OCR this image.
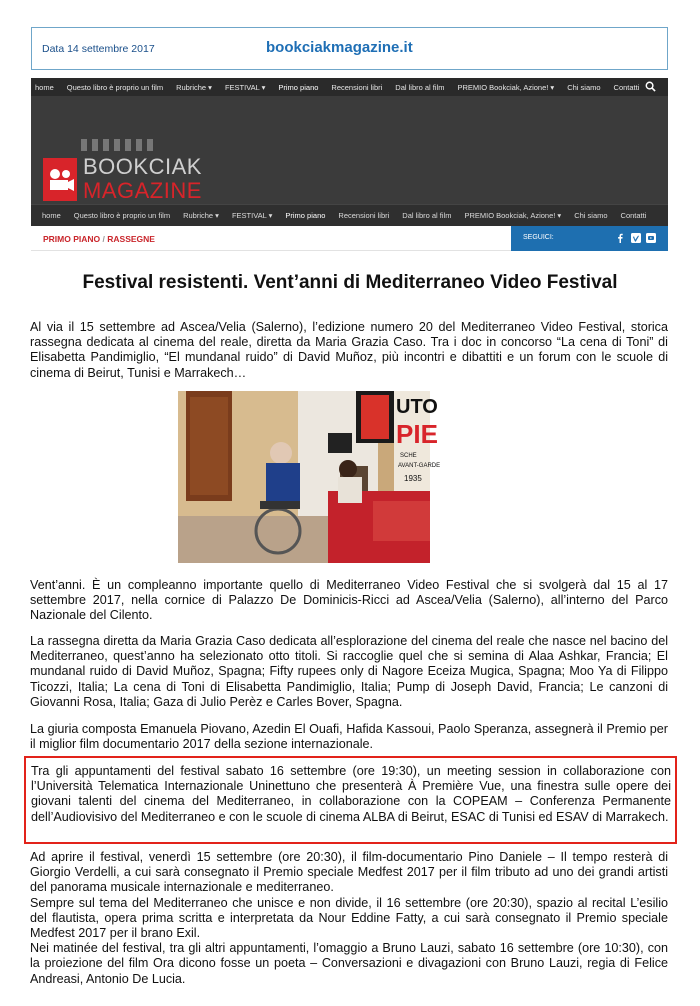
Data 14 settembre 2017	bookciakmagazine.it
home Questo libro è proprio un film Rubriche ▾ FESTIVAL ▾ Primo piano Recensioni libri Dal libro al film PREMIO Bookciak, Azione! ▾ Chi siamo Contatti
BOOKCIAK
MAGAZINE
home Questo libro è proprio un film Rubriche ▾ FESTIVAL ▾ Primo piano Recensioni libri Dal libro al film PREMIO Bookciak, Azione! ▾ Chi siamo Contatti
PRIMO PIANO / RASSEGNE	SEGUICI:
Festival resistenti. Vent’anni di Mediterraneo Video Festival

Al via il 15 settembre ad Ascea/Velia (Salerno), l’edizione numero 20 del Mediterraneo Video Festival, storica rassegna dedicata al cinema del reale, diretta da Maria Grazia Caso. Tra i doc in concorso “La cena di Toni” di Elisabetta Pandimiglio, “El mundanal ruido” di David Muñoz, più incontri e dibattiti e un forum con le scuole di cinema di Beirut, Tunisi e Marrakech…

UTO
PIE
SCHE
AVANT-GARDE
1935

Vent’anni. È un compleanno importante quello di Mediterraneo Video Festival che si svolgerà dal 15 al 17 settembre 2017, nella cornice di Palazzo De Dominicis-Ricci ad Ascea/Velia (Salerno), all’interno del Parco Nazionale del Cilento.

La rassegna diretta da Maria Grazia Caso dedicata all’esplorazione del cinema del reale che nasce nel bacino del Mediterraneo, quest’anno ha selezionato otto titoli. Si raccoglie quel che si semina di Alaa Ashkar, Francia; El mundanal ruido di David Muñoz, Spagna; Fifty rupees only di Nagore Eceiza Mugica, Spagna; Moo Ya di Filippo Ticozzi, Italia; La cena di Toni di Elisabetta Pandimiglio, Italia; Pump di Joseph David, Francia; Le canzoni di Giovanni Rosa, Italia; Gaza di Julio Perèz e Carles Bover, Spagna.

La giuria composta Emanuela Piovano, Azedin El Ouafi, Hafida Kassoui, Paolo Speranza, assegnerà il Premio per il miglior film documentario 2017 della sezione internazionale.

Tra gli appuntamenti del festival sabato 16 settembre (ore 19:30), un meeting session in collaborazione con l’Università Telematica Internazionale Uninettuno che presenterà À Première Vue, una finestra sulle opere dei giovani talenti del cinema del Mediterraneo, in collaborazione con la COPEAM – Conferenza Permanente dell’Audiovisivo del Mediterraneo e con le scuole di cinema ALBA di Beirut, ESAC di Tunisi ed ESAV di Marrakech.

Ad aprire il festival, venerdì 15 settembre (ore 20:30), il film-documentario Pino Daniele – Il tempo resterà di Giorgio Verdelli, a cui sarà consegnato il Premio speciale Medfest 2017 per il film tributo ad uno dei grandi artisti del panorama musicale internazionale e mediterraneo.
Sempre sul tema del Mediterraneo che unisce e non divide, il 16 settembre (ore 20:30), spazio al recital L’esilio del flautista, opera prima scritta e interpretata da Nour Eddine Fatty, a cui sarà consegnato il Premio speciale Medfest 2017 per il brano Exil.
Nei matinée del festival, tra gli altri appuntamenti, l’omaggio a Bruno Lauzi, sabato 16 settembre (ore 10:30), con la proiezione del film Ora dicono fosse un poeta – Conversazioni e divagazioni con Bruno Lauzi, regia di Felice Andreasi, Antonio De Lucia.
